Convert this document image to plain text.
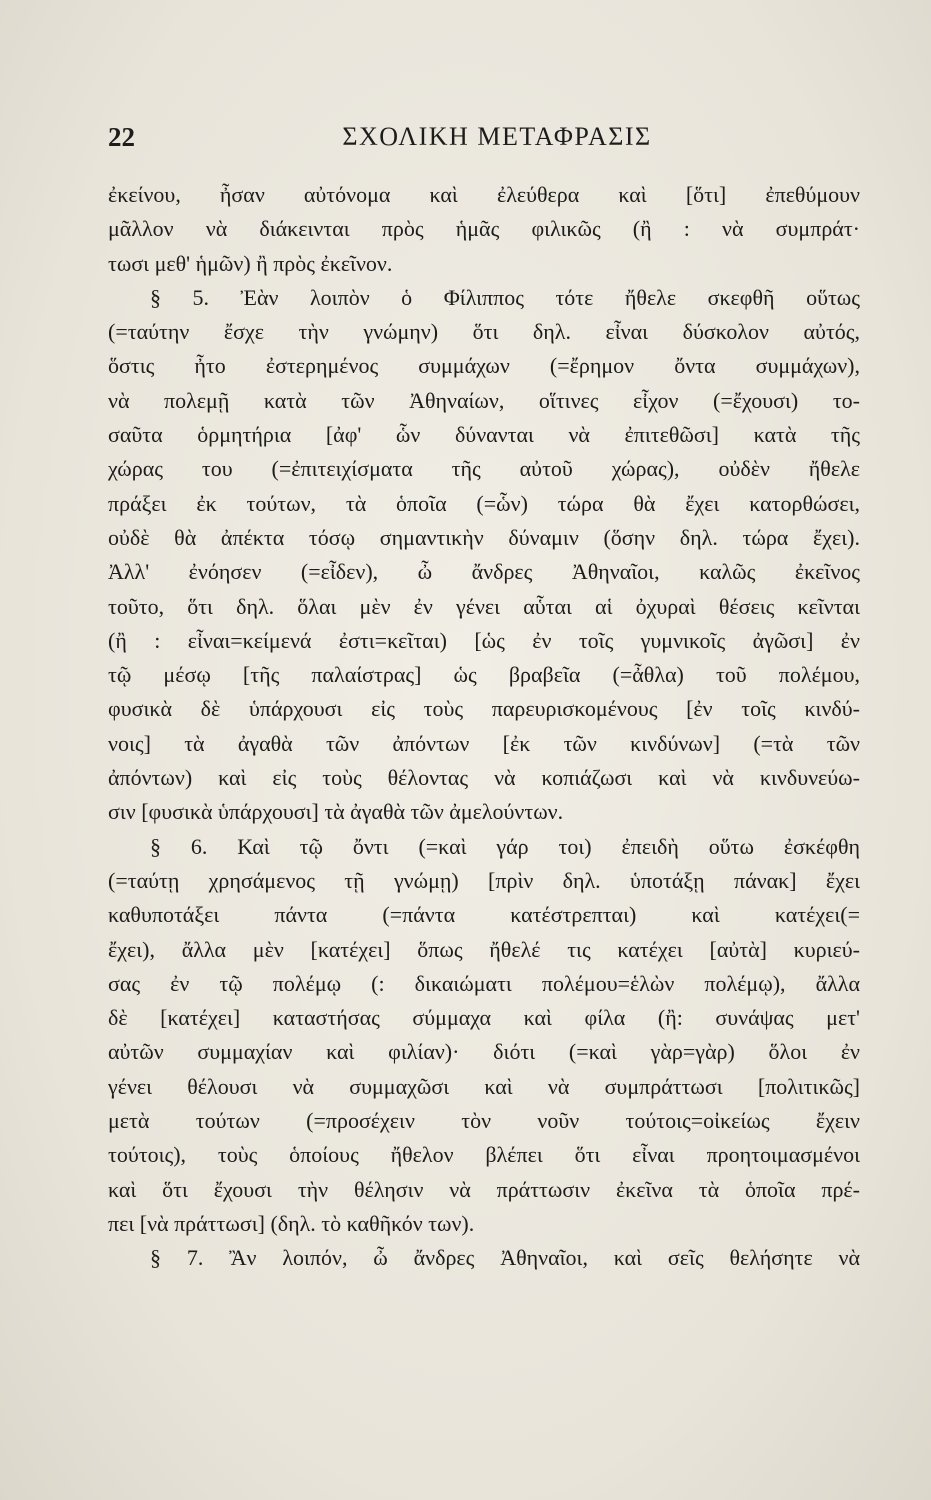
22	ΣΧΟΛΙΚΗ ΜΕΤΑΦΡΑΣΙΣ
ἐκείνου, ἦσαν αὐτόνομα καὶ ἐλεύθερα καὶ [ὅτι] ἐπεθύμουν
μᾶλλον νὰ διάκεινται πρὸς ἡμᾶς φιλικῶς (ἢ : νὰ συμπράτ·
τωσι μεθ' ἡμῶν) ἢ πρὸς ἐκεῖνον.
§ 5. Ἐὰν λοιπὸν ὁ Φίλιππος τότε ἤθελε σκεφθῆ οὕτως
(=ταύτην ἔσχε τὴν γνώμην) ὅτι δηλ. εἶναι δύσκολον αὐτός,
ὅστις ἦτο ἐστερημένος συμμάχων (=ἔρημον ὄντα συμμάχων),
νὰ πολεμῇ κατὰ τῶν Ἀθηναίων, οἵτινες εἶχον (=ἔχουσι) το-
σαῦτα ὁρμητήρια [ἀφ' ὧν δύνανται νὰ ἐπιτεθῶσι] κατὰ τῆς
χώρας του (=ἐπιτειχίσματα τῆς αὐτοῦ χώρας), οὐδὲν ἤθελε
πράξει ἐκ τούτων, τὰ ὁποῖα (=ὧν) τώρα θὰ ἔχει κατορθώσει,
οὐδὲ θὰ ἀπέκτα τόσῳ σημαντικὴν δύναμιν (ὅσην δηλ. τώρα ἔχει).
Ἀλλ' ἐνόησεν (=εἶδεν), ὦ ἄνδρες Ἀθηναῖοι, καλῶς ἐκεῖνος
τοῦτο, ὅτι δηλ. ὅλαι μὲν ἐν γένει αὗται αἱ ὀχυραὶ θέσεις κεῖνται
(ἢ : εἶναι=κείμενά ἐστι=κεῖται) [ὡς ἐν τοῖς γυμνικοῖς ἀγῶσι] ἐν
τῷ μέσῳ [τῆς παλαίστρας] ὡς βραβεῖα (=ἆθλα) τοῦ πολέμου,
φυσικὰ δὲ ὑπάρχουσι εἰς τοὺς παρευρισκομένους [ἐν τοῖς κινδύ-
νοις] τὰ ἀγαθὰ τῶν ἀπόντων [ἐκ τῶν κινδύνων] (=τὰ τῶν
ἀπόντων) καὶ εἰς τοὺς θέλοντας νὰ κοπιάζωσι καὶ νὰ κινδυνεύω-
σιν [φυσικὰ ὑπάρχουσι] τὰ ἀγαθὰ τῶν ἀμελούντων.
§ 6. Καὶ τῷ ὄντι (=καὶ γάρ τοι) ἐπειδὴ οὕτω ἐσκέφθη
(=ταύτῃ χρησάμενος τῇ γνώμῃ) [πρὶν δηλ. ὑποτάξῃ πάνακ] ἔχει
καθυποτάξει πάντα (=πάντα κατέστρεπται) καὶ κατέχει(=
ἔχει), ἄλλα μὲν [κατέχει] ὅπως ἤθελέ τις κατέχει [αὐτὰ] κυριεύ-
σας ἐν τῷ πολέμῳ (: δικαιώματι πολέμου=ἑλὼν πολέμῳ), ἄλλα
δὲ [κατέχει] καταστήσας σύμμαχα καὶ φίλα (ἢ: συνάψας μετ'
αὐτῶν συμμαχίαν καὶ φιλίαν)· διότι (=καὶ γὰρ=γὰρ) ὅλοι ἐν
γένει θέλουσι νὰ συμμαχῶσι καὶ νὰ συμπράττωσι [πολιτικῶς]
μετὰ τούτων (=προσέχειν τὸν νοῦν τούτοις=οἰκείως ἔχειν
τούτοις), τοὺς ὁποίους ἤθελον βλέπει ὅτι εἶναι προητοιμασμένοι
καὶ ὅτι ἔχουσι τὴν θέλησιν νὰ πράττωσιν ἐκεῖνα τὰ ὁποῖα πρέ-
πει [νὰ πράττωσι] (δηλ. τὸ καθῆκόν των).
§ 7. Ἂν λοιπόν, ὦ ἄνδρες Ἀθηναῖοι, καὶ σεῖς θελήσητε νὰ
